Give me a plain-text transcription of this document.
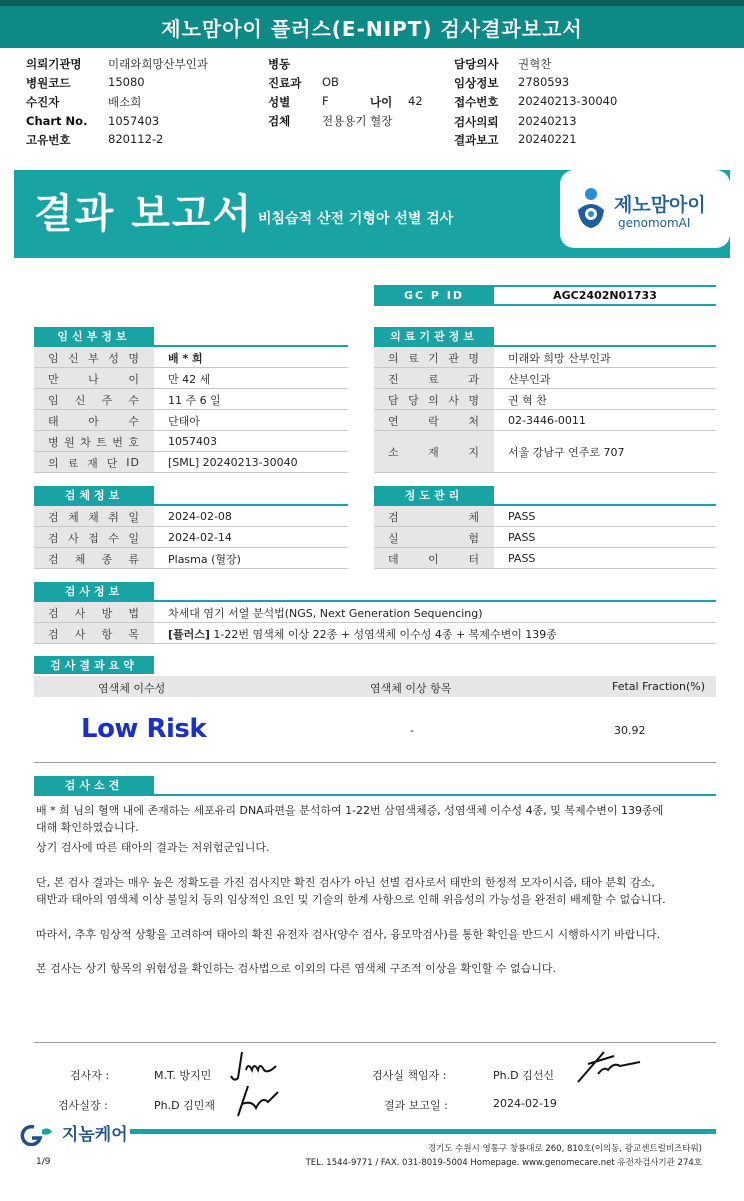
제노맘아이 플러스(E-NIPT) 검사결과보고서
의뢰기관명 미래와희망산부인과	병동	담당의사 권혁찬
병원코드	15080	진료과 OB	임상정보 2780593
수진자	배소희	성별	F	나이 42	접수번호 20240213-30040
Chart No. 1057403	검체	전용용기 혈장	검사의뢰 20240213
고유번호	820112-2	결과보고 20240221
결과 보고서 비침습적 산전 기형아 선별 검사
제노맘아이
genomomAI
GC P ID	AGC2402N01733
임신부정보
임 신 부 성 명	배 * 희
만	나	이	만 42 세
임 신 주 수	11 주 6 일
태	아	수	단태아
병 원 차 트 번 호	1057403
의 료 재 단 ID	[SML] 20240213-30040
의료기관정보
의 료 기 관 명	미래와 희망 산부인과
진	료	과	산부인과
담 당 의 사 명	권 혁 찬
연	락	처	02-3446-0011
소	재	지	서울 강남구 연주로 707
검체정보
검 체 채 취 일	2024-02-08
검 사 접 수 일	2024-02-14
검 체 종 류	Plasma (혈장)
정도관리
검	체	PASS
실	험	PASS
데	이	터	PASS
검사정보
검 사 방 법	차세대 염기 서열 분석법(NGS, Next Generation Sequencing)
검 사 항 목	[플러스] 1-22번 염색체 이상 22종 + 성염색체 이수성 4종 + 복제수변이 139종
검사결과요약
염색체 이수성	염색체 이상 항목	Fetal Fraction(%)
Low Risk	-	30.92
검사소견
배 * 희 님의 혈액 내에 존재하는 세포유리 DNA파편을 분석하여 1-22번 삼염색체증, 성염색체 이수성 4종, 및 복제수변이 139종에
대해 확인하였습니다.
상기 검사에 따른 태아의 결과는 저위험군입니다.
단, 본 검사 결과는 매우 높은 정확도를 가진 검사지만 확진 검사가 아닌 선별 검사로서 태반의 한정적 모자이시즘, 태아 분획 감소,
태반과 태아의 염색체 이상 불일치 등의 임상적인 요인 및 기술의 한계 사항으로 인해 위음성의 가능성을 완전히 배제할 수 없습니다.
따라서, 추후 임상적 상황을 고려하여 태아의 확진 유전자 검사(양수 검사, 융모막검사)를 통한 확인을 반드시 시행하시기 바랍니다.
본 검사는 상기 항목의 위험성을 확인하는 검사법으로 이외의 다른 염색체 구조적 이상을 확인할 수 없습니다.
검사자 :	M.T. 방지민	검사실 책임자 :	Ph.D 김선신
검사실장 :	Ph.D 김민재	결과 보고일 :	2024-02-19
지놈케어
경기도 수원시 영통구 창룡대로 260, 810호(이의동, 광교센트럴비즈타워)
TEL. 1544-9771 / FAX. 031-8019-5004 Homepage. www.genomecare.net 유전자검사기관 274호
1/9
